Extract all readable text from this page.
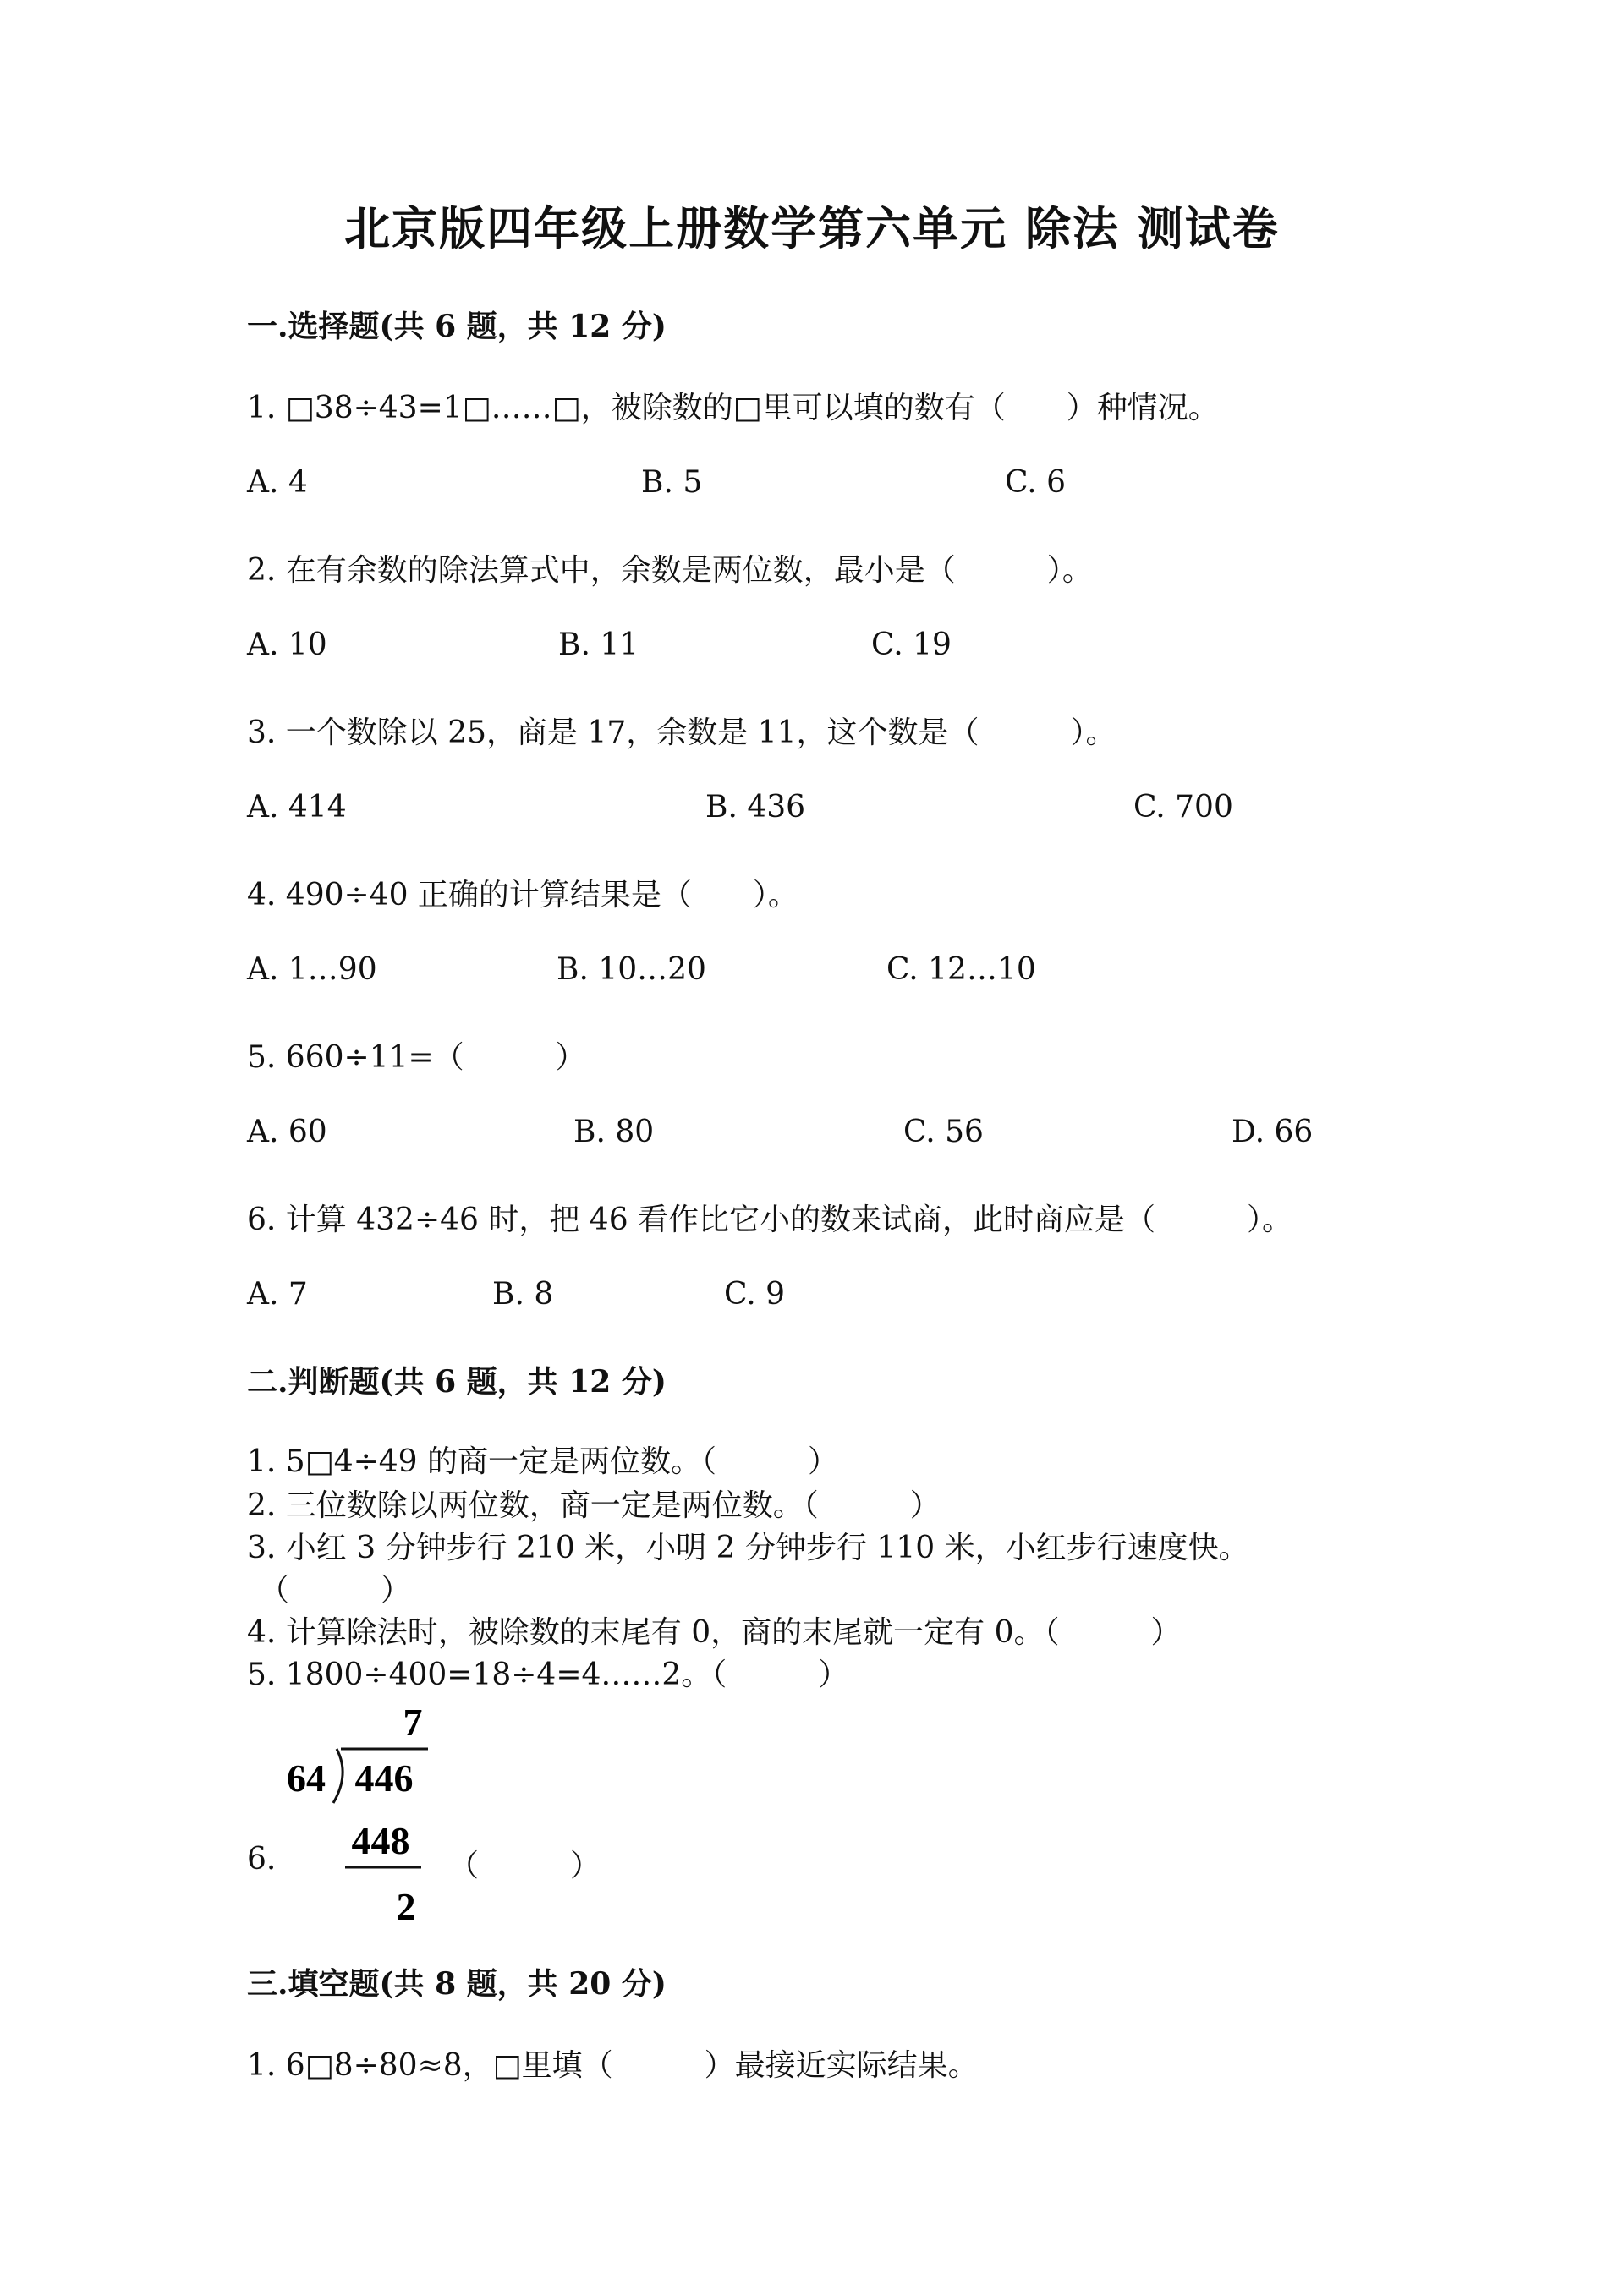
北京版四年级上册数学第六单元 除法 测试卷
一.选择题(共 6 题，共 12 分)
1. □38÷43=1□……□，被除数的□里可以填的数有（　　）种情况。
A. 4	B. 5	C. 6
2. 在有余数的除法算式中，余数是两位数，最小是（　　　）。
A. 10	B. 11	C. 19
3. 一个数除以 25，商是 17，余数是 11，这个数是（　　　）。
A. 414	B. 436	C. 700
4. 490÷40 正确的计算结果是（　　）。
A. 1…90	B. 10…20	C. 12…10
5. 660÷11=（　　　）
A. 60	B. 80	C. 56	D. 66
6. 计算 432÷46 时，把 46 看作比它小的数来试商，此时商应是（　　　）。
A. 7	B. 8	C. 9
二.判断题(共 6 题，共 12 分)
1. 5□4÷49 的商一定是两位数。（　　　）
2. 三位数除以两位数，商一定是两位数。（　　　）
3. 小红 3 分钟步行 210 米，小明 2 分钟步行 110 米，小红步行速度快。
（　　　）
4. 计算除法时，被除数的末尾有 0，商的末尾就一定有 0。（　　　）
5. 1800÷400=18÷4=4……2。（　　　）
6.
7
64 446
448
2
（　　　）
三.填空题(共 8 题，共 20 分)
1. 6□8÷80≈8，□里填（　　　）最接近实际结果。
